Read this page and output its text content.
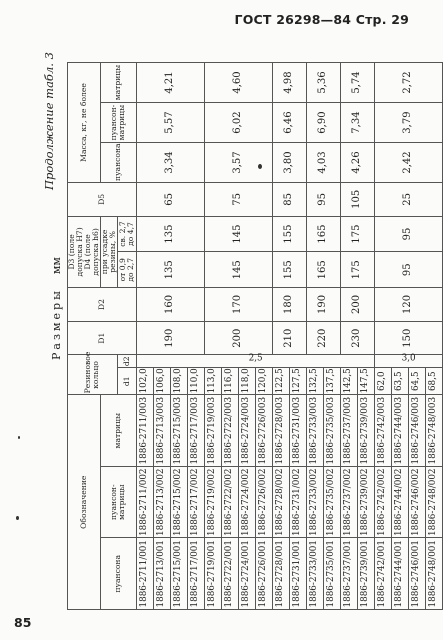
ГОСТ 26298—84 Стр. 29
85
Продолжение табл. 3
Размерымм
Обозначение			Резиновое кольцо		D1	D2	D3 (поле допуска H7)
D4 (поле допуска h6)		D5	Масса, кг, не более		
пуансона	пуансон-матрицы	матрицы					при усадке резины, %			пуансона	пуансон-матрицы	матрицы
			d1	d2			от 0,9 до 2,7	св. 2,7 до 4,7				
1886-2711/001	1886-2711/002	1886-2711/003	102,0	2,5	190	160	135	135	65	3,34	5,57	4,21
1886-2713/001	1886-2713/002	1886-2713/003	106,0									
1886-2715/001	1886-2715/002	1886-2715/003	108,0									
1886-2717/001	1886-2717/002	1886-2717/003	110,0									
1886-2719/001	1886-2719/002	1886-2719/003	113,0		200	170	145	145	75	3,57	6,02	4,60
1886-2722/001	1886-2722/002	1886-2722/003	116,0									
1886-2724/001	1886-2724/002	1886-2724/003	118,0									
1886-2726/001	1886-2726/002	1886-2726/003	120,0									
1886-2728/001	1886-2728/002	1886-2728/003	122,5		210	180	155	155	85	3,80	6,46	4,98
1886-2731/001	1886-2731/002	1886-2731/003	127,5									
1886-2733/001	1886-2733/002	1886-2733/003	132,5		220	190	165	165	95	4,03	6,90	5,36
1886-2735/001	1886-2735/002	1886-2735/003	137,5									
1886-2737/001	1886-2737/002	1886-2737/003	142,5		230	200	175	175	105	4,26	7,34	5,74
1886-2739/001	1886-2739/002	1886-2739/003	147,5									
1886-2742/001	1886-2742/002	1886-2742/003	62,0	3,0	150	120	95	95	25	2,42	3,79	2,72
1886-2744/001	1886-2744/002	1886-2744/003	63,5									
1886-2746/001	1886-2746/002	1886-2746/003	64,5									
1886-2748/001	1886-2748/002	1886-2748/003	68,5									
